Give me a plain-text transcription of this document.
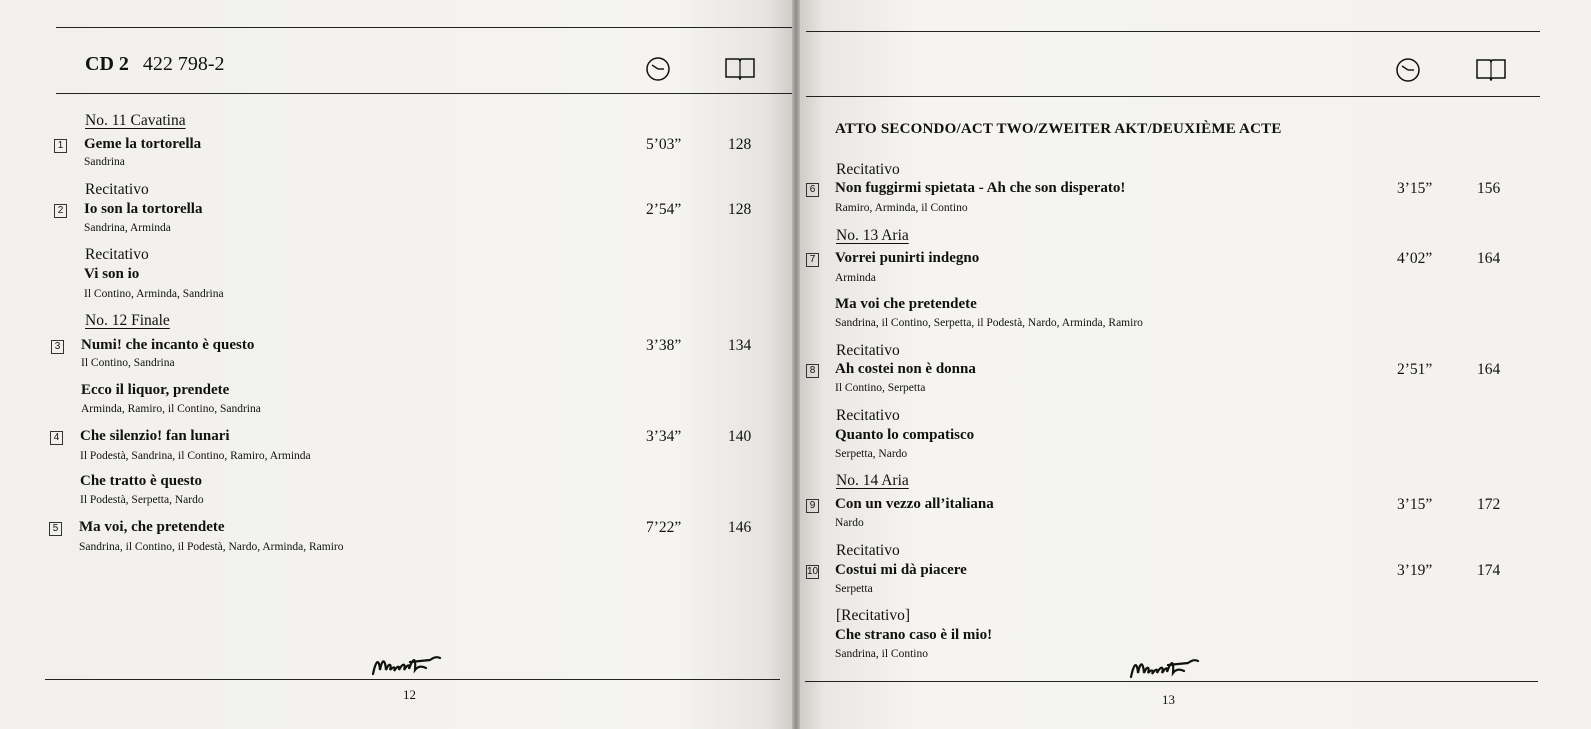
CD 2 422 798-2
No. 11 Cavatina
1 Geme la tortorella	5’03”	128
Sandrina
Recitativo
2 Io son la tortorella	2’54”	128
Sandrina, Arminda
Recitativo
Vi son io
Il Contino, Arminda, Sandrina
No. 12 Finale
3 Numi! che incanto è questo	3’38”	134
Il Contino, Sandrina
Ecco il liquor, prendete
Arminda, Ramiro, il Contino, Sandrina
4 Che silenzio! fan lunari	3’34”	140
Il Podestà, Sandrina, il Contino, Ramiro, Arminda
Che tratto è questo
Il Podestà, Serpetta, Nardo
5 Ma voi, che pretendete	7’22”	146
Sandrina, il Contino, il Podestà, Nardo, Arminda, Ramiro
12
ATTO SECONDO/ACT TWO/ZWEITER AKT/DEUXIÈME ACTE
Recitativo
6 Non fuggirmi spietata - Ah che son disperato!	3’15”	156
Ramiro, Arminda, il Contino
No. 13 Aria
7 Vorrei punirti indegno	4’02”	164
Arminda
Ma voi che pretendete
Sandrina, il Contino, Serpetta, il Podestà, Nardo, Arminda, Ramiro
Recitativo
8 Ah costei non è donna	2’51”	164
Il Contino, Serpetta
Recitativo
Quanto lo compatisco
Serpetta, Nardo
No. 14 Aria
9 Con un vezzo all’italiana	3’15”	172
Nardo
Recitativo
10 Costui mi dà piacere	3’19”	174
Serpetta
[Recitativo]
Che strano caso è il mio!
Sandrina, il Contino
13
